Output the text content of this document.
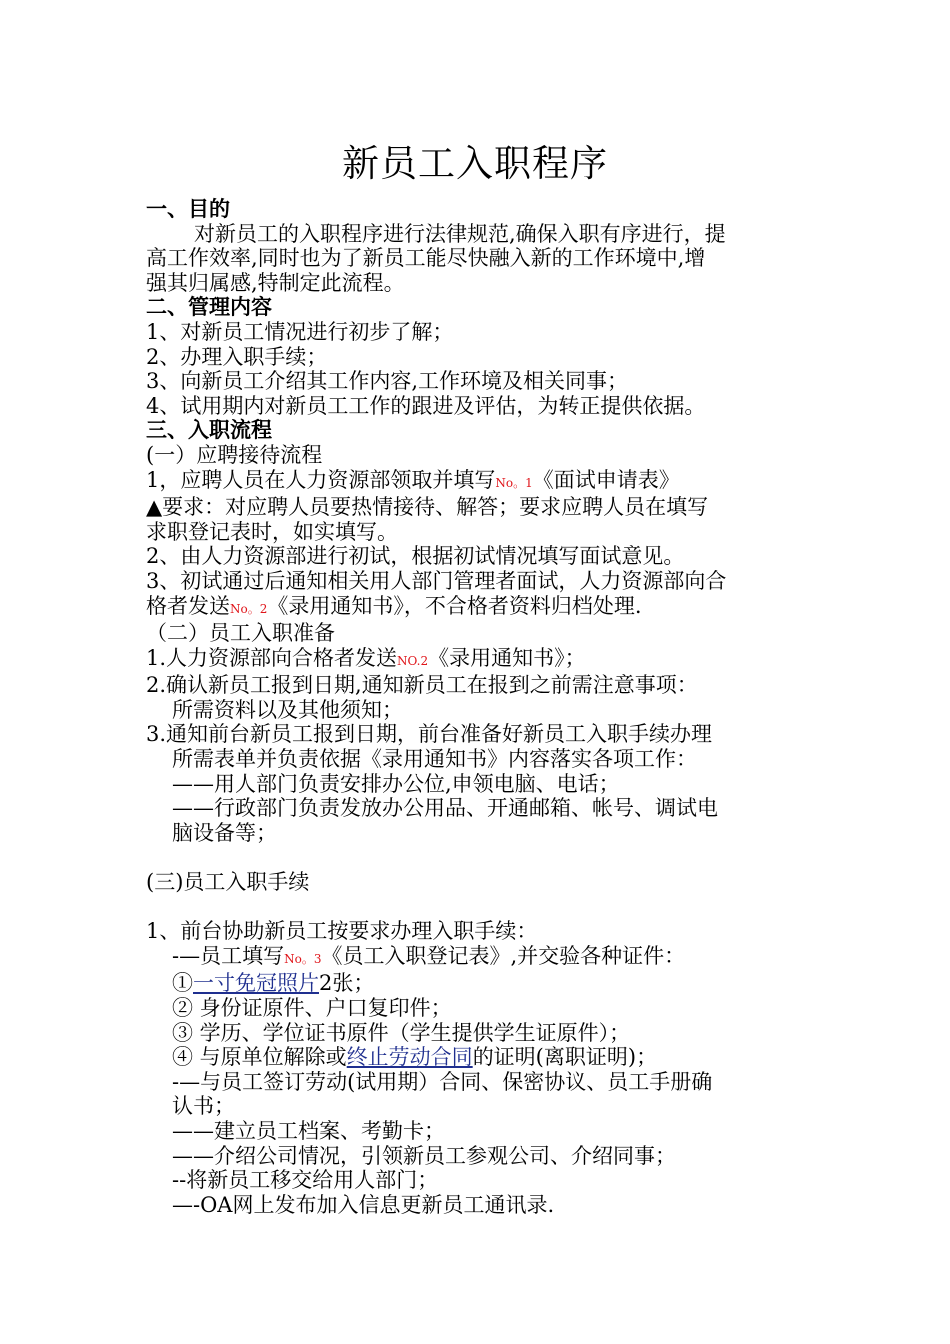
新员工入职程序
一、目的
对新员工的入职程序进行法律规范,确保入职有序进行，提
高工作效率,同时也为了新员工能尽快融入新的工作环境中,增
强其归属感,特制定此流程。
二、管理内容
1、对新员工情况进行初步了解；
2、办理入职手续；
3、向新员工介绍其工作内容,工作环境及相关同事；
4、试用期内对新员工工作的跟进及评估，为转正提供依据。
三、入职流程
(一）应聘接待流程
1，应聘人员在人力资源部领取并填写No。1《面试申请表》
▲要求：对应聘人员要热情接待、解答；要求应聘人员在填写
求职登记表时，如实填写。
2、由人力资源部进行初试，根据初试情况填写面试意见。
3、初试通过后通知相关用人部门管理者面试，人力资源部向合
格者发送No。2《录用通知书》，不合格者资料归档处理.
（二）员工入职准备
1.人力资源部向合格者发送NO.2《录用通知书》；
2.确认新员工报到日期,通知新员工在报到之前需注意事项：
所需资料以及其他须知；
3.通知前台新员工报到日期，前台准备好新员工入职手续办理
所需表单并负责依据《录用通知书》内容落实各项工作：
——用人部门负责安排办公位,申领电脑、电话；
——行政部门负责发放办公用品、开通邮箱、帐号、调试电
脑设备等；
(三)员工入职手续
1、前台协助新员工按要求办理入职手续：
-—员工填写No。3《员工入职登记表》,并交验各种证件：
①一寸免冠照片2张；
② 身份证原件、户口复印件；
③ 学历、学位证书原件（学生提供学生证原件）；
④ 与原单位解除或终止劳动合同的证明(离职证明)；
-—与员工签订劳动(试用期）合同、保密协议、员工手册确
认书；
——建立员工档案、考勤卡；
——介绍公司情况，引领新员工参观公司、介绍同事；
--将新员工移交给用人部门；
—-OA网上发布加入信息更新员工通讯录.
